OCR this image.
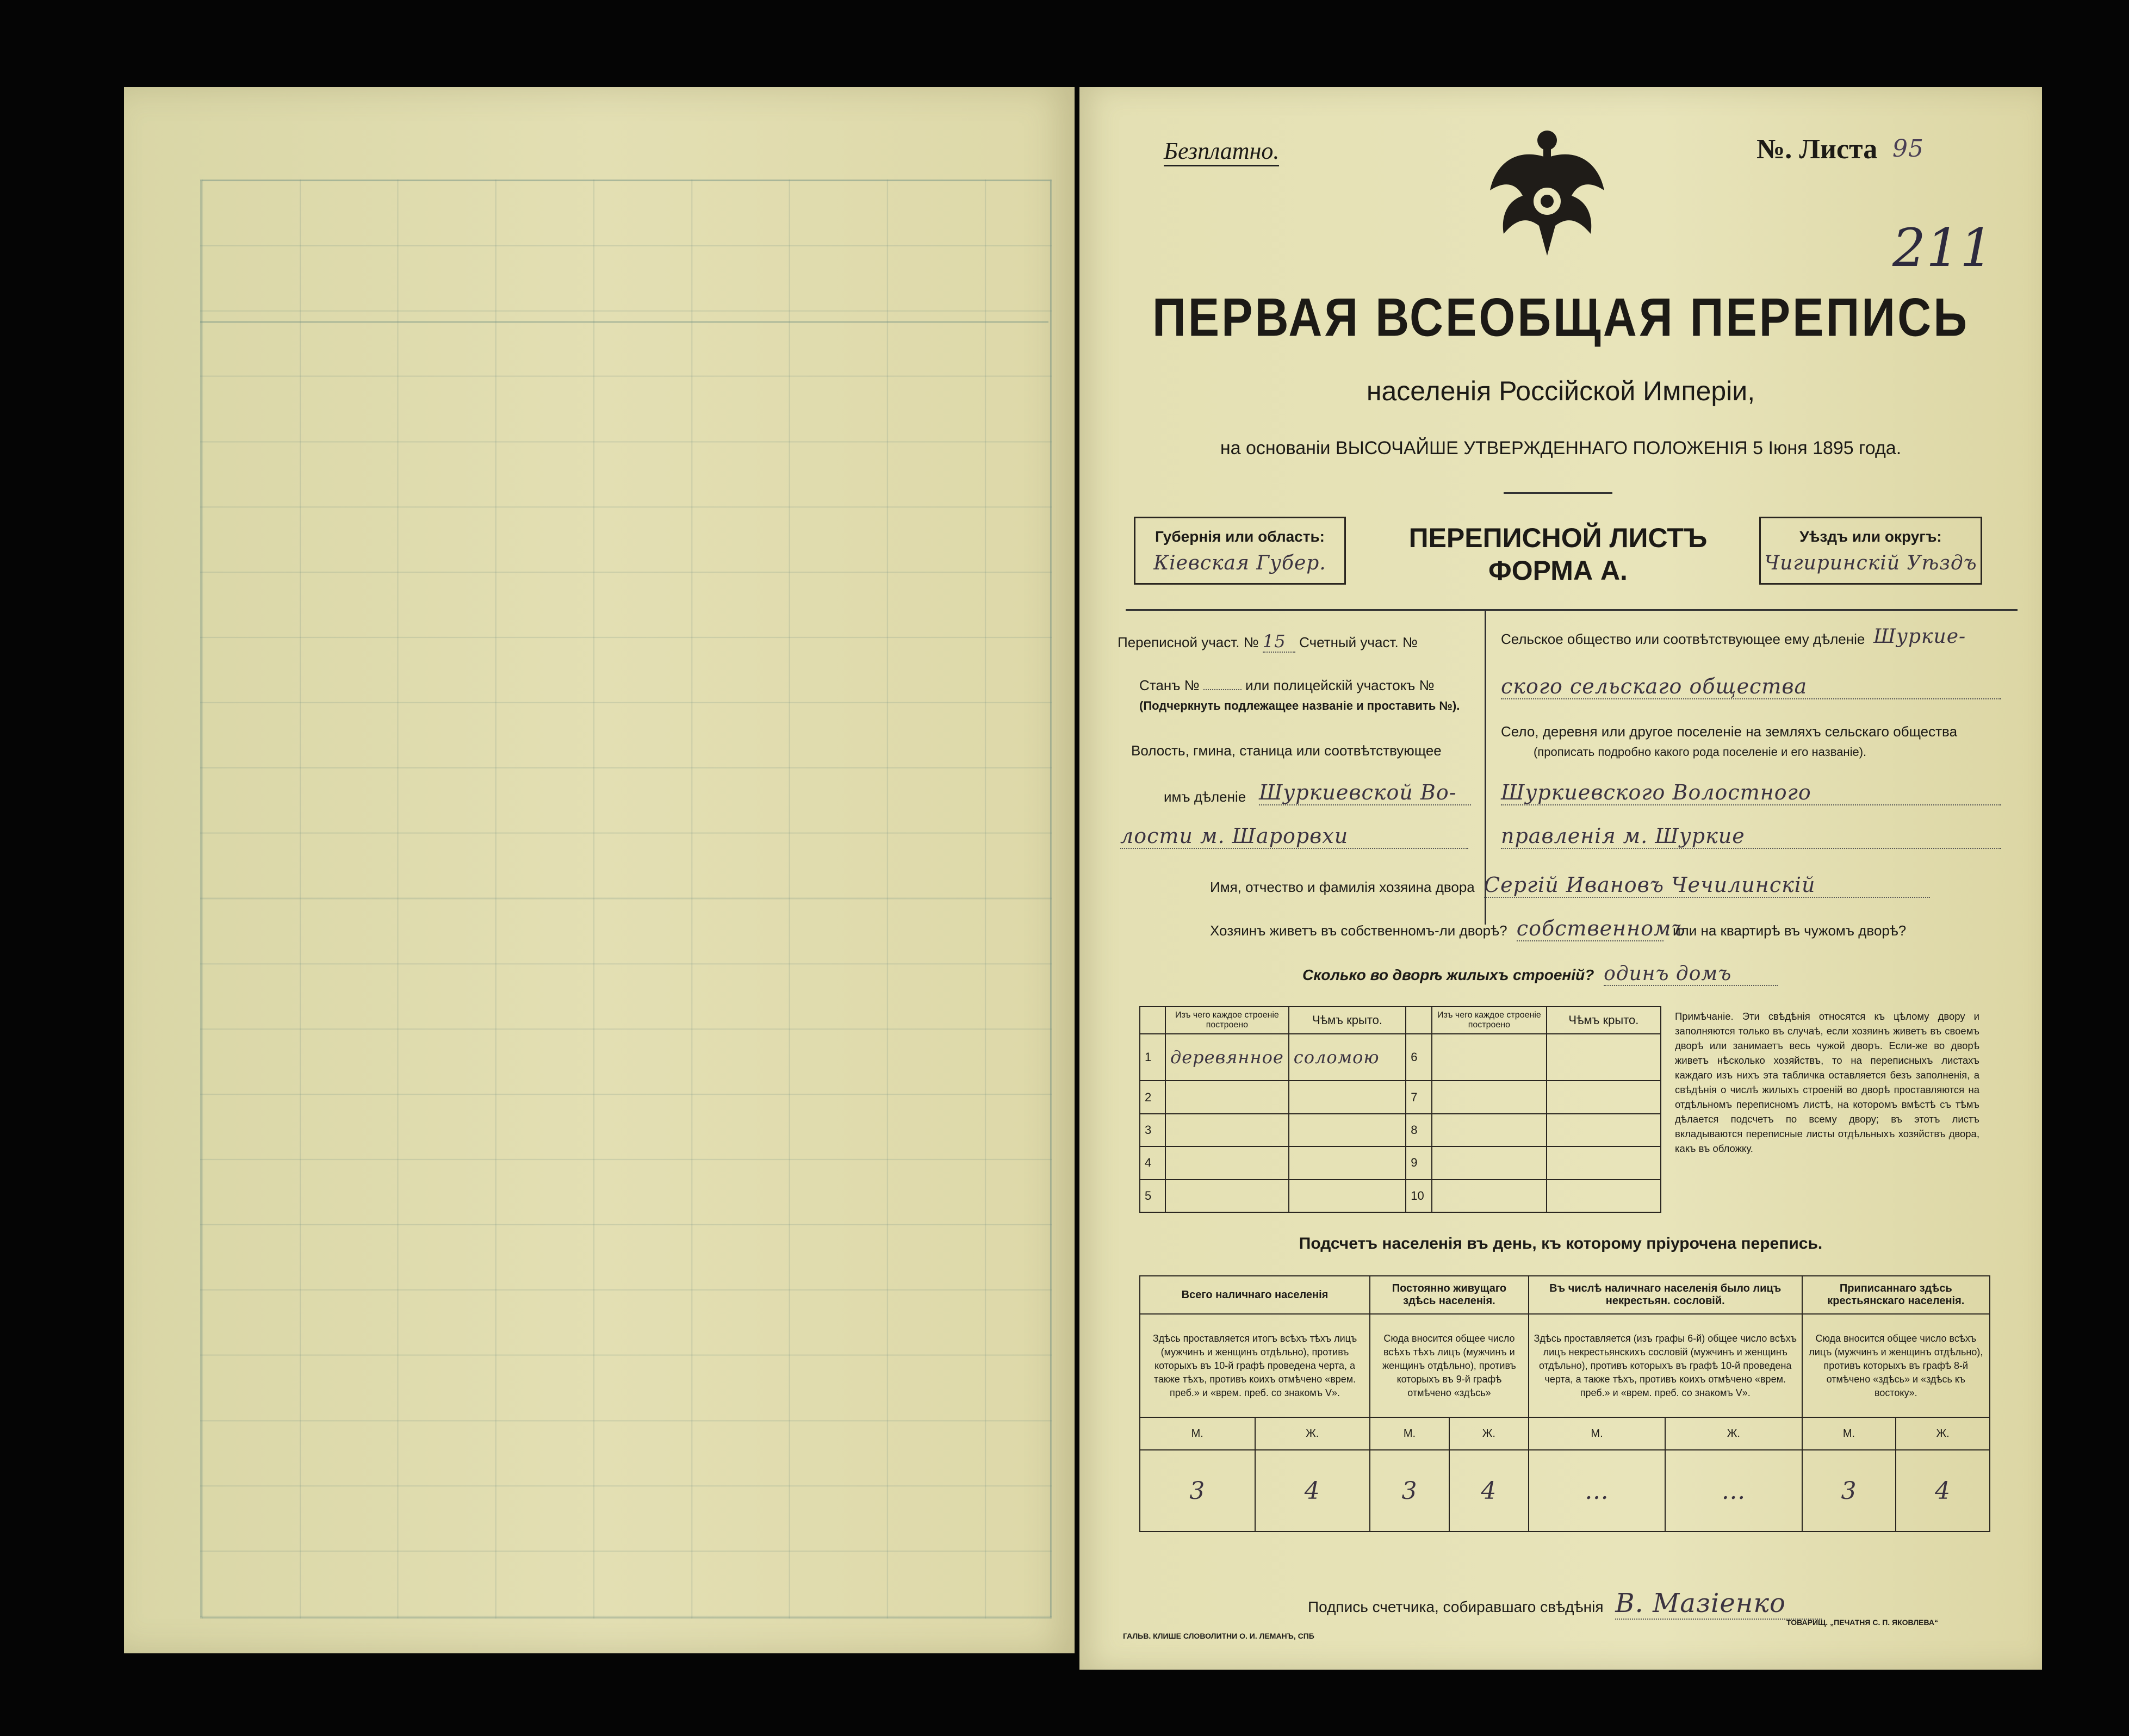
Безплатно.	№. Листа 95
211
ПЕРВАЯ ВСЕОБЩАЯ ПЕРЕПИСЬ
населенія Россійской Имперіи,
на основаніи ВЫСОЧАЙШЕ УТВЕРЖДЕННАГО ПОЛОЖЕНІЯ 5 Іюня 1895 года.
Губернія или область:
Кіевская Губер.
ПЕРЕПИСНОЙ ЛИСТЪ
ФОРМА А.
Уѣздъ или округъ:
Чигиринскій Уѣздъ
Переписной участ. № 15 Счетный участ. №
Станъ №	или полицейскій участокъ №
(Подчеркнуть подлежащее названіе и проставить №).
Волость, гмина, станица или соотвѣтствующее
имъ дѣленіе Шуркиевской Во-
лости м. Шарорвхи
Сельское общество или соотвѣтствующее ему дѣленіе Шуркие-
ского сельскаго общества
Село, деревня или другое поселеніе на земляхъ сельскаго общества
(прописать подробно какого рода поселеніе и его названіе).
Шуркиевского Волостного
правленія м. Шуркие
Имя, отчество и фамилія хозяина двора Сергій Ивановъ Чечилинскій
Хозяинъ живетъ въ собственномъ-ли дворѣ? собственномъ или на квартирѣ въ чужомъ дворѣ?
Сколько во дворѣ жилыхъ строеній? одинъ домъ
	Изъ чего каждое строеніе построено	Чѣмъ крыто.		Изъ чего каждое строеніе построено	Чѣмъ крыто.
1	деревянное	соломою	6		
2			7		
3			8		
4			9		
5			10		
Примѣчаніе. Эти свѣдѣнія относятся къ цѣлому двору и заполняются только въ случаѣ, если хозяинъ живетъ въ своемъ дворѣ или занимаетъ весь чужой дворъ. Если-же во дворѣ живетъ нѣсколько хозяйствъ, то на переписныхъ листахъ каждаго изъ нихъ эта табличка оставляется безъ заполненія, а свѣдѣнія о числѣ жилыхъ строеній во дворѣ проставляются на отдѣльномъ переписномъ листѣ, на которомъ вмѣстѣ съ тѣмъ дѣлается подсчетъ по всему двору; въ этотъ листъ вкладываются переписные листы отдѣльныхъ хозяйствъ двора, какъ въ обложку.
Подсчетъ населенія въ день, къ которому пріурочена перепись.
Всего наличнаго населенія		Постоянно живущаго здѣсь населенія.		Въ числѣ наличнаго населенія было лицъ некрестьян. сословій.		Приписаннаго здѣсь крестьянскаго населенія.	
Здѣсь проставляется итогъ всѣхъ тѣхъ лицъ (мужчинъ и женщинъ отдѣльно), противъ которыхъ въ 10-й графѣ проведена черта, а также тѣхъ, противъ коихъ отмѣчено «врем. преб.» и «врем. преб. со знакомъ V».		Сюда вносится общее число всѣхъ тѣхъ лицъ (мужчинъ и женщинъ отдѣльно), противъ которыхъ въ 9-й графѣ отмѣчено «здѣсь»		Здѣсь проставляется (изъ графы 6-й) общее число всѣхъ лицъ некрестьянскихъ сословій (мужчинъ и женщинъ отдѣльно), противъ которыхъ въ графѣ 10-й проведена черта, а также тѣхъ, противъ коихъ отмѣчено «врем. преб.» и «врем. преб. со знакомъ V».		Сюда вносится общее число всѣхъ лицъ (мужчинъ и женщинъ отдѣльно), противъ которыхъ въ графѣ 8-й отмѣчено «здѣсь» и «здѣсь къ востоку».	
М.	Ж.	М.	Ж.	М.	Ж.	М.	Ж.
3	4	3	4	…	…	3	4
Подпись счетчика, собиравшаго свѣдѣнія В. Мазіенко
ГАЛЬВ. КЛИШЕ СЛОВОЛИТНИ О. И. ЛЕМАНЪ, СПБ
ТОВАРИЩ. „ПЕЧАТНЯ С. П. ЯКОВЛЕВА“
